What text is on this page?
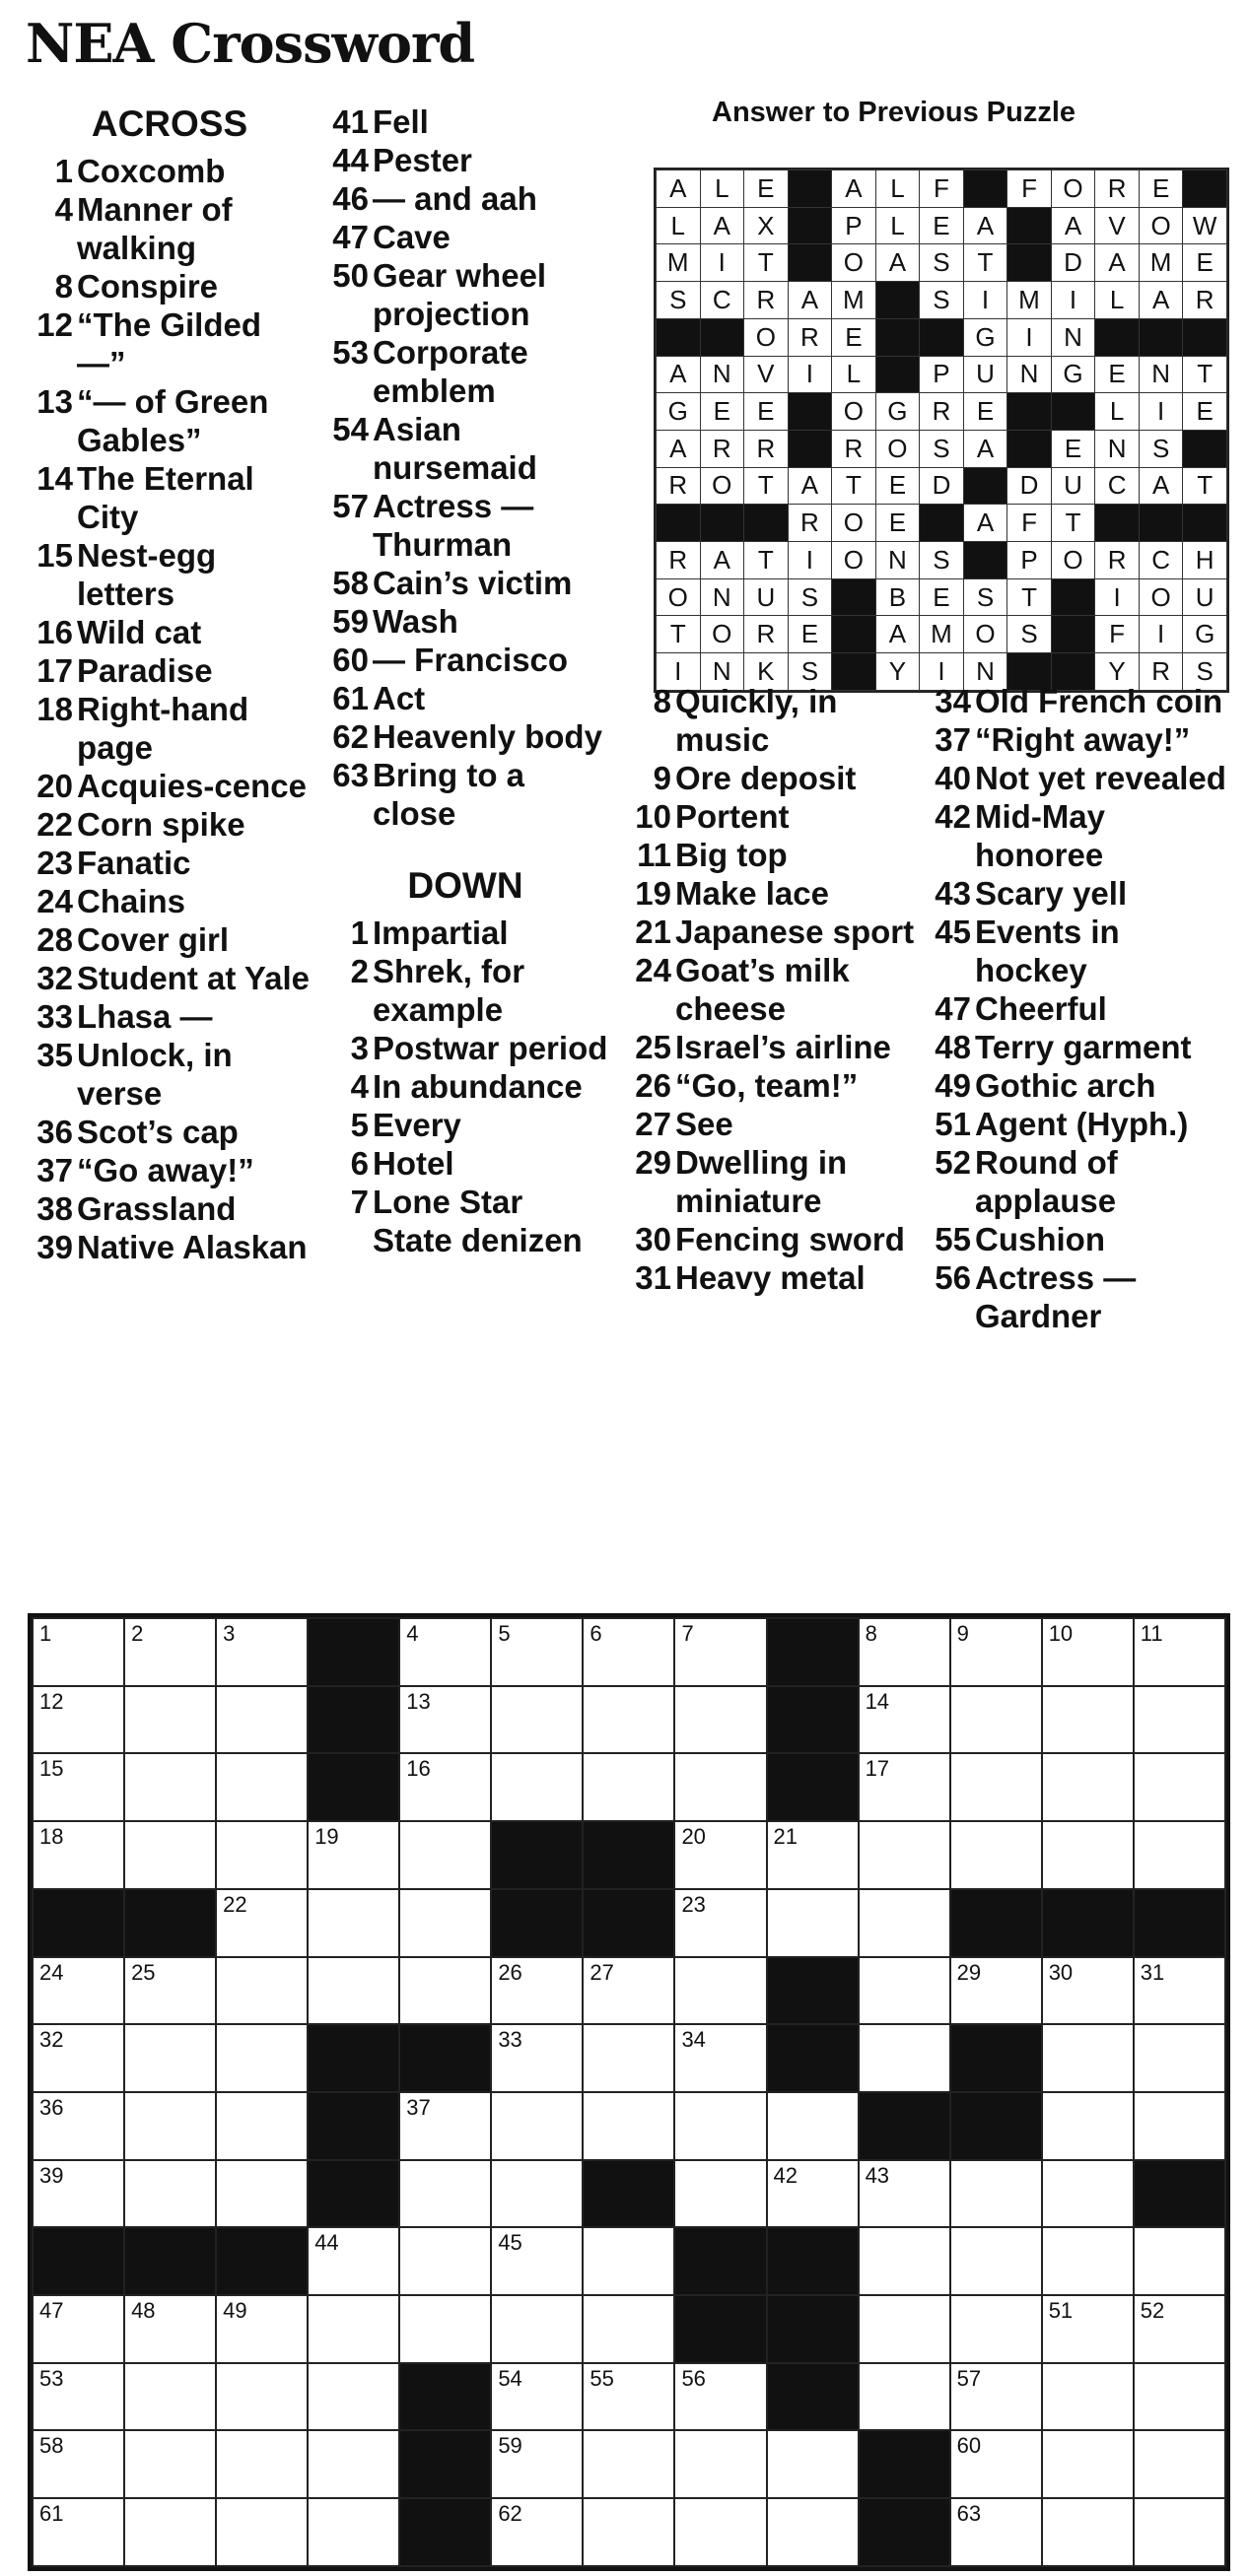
NEA Crossword
ACROSS
1 Coxcomb
4 Manner of walking
8 Conspire
12 “The Gilded —”
13 “— of Green Gables”
14 The Eternal City
15 Nest-egg letters
16 Wild cat
17 Paradise
18 Right-hand page
20 Acquies-cence
22 Corn spike
23 Fanatic
24 Chains
28 Cover girl
32 Student at Yale
33 Lhasa —
35 Unlock, in verse
36 Scot’s cap
37 “Go away!”
38 Grassland
39 Native Alaskan
41 Fell
44 Pester
46 — and aah
47 Cave
50 Gear wheel projection
53 Corporate emblem
54 Asian nursemaid
57 Actress — Thurman
58 Cain’s victim
59 Wash
60 — Francisco
61 Act
62 Heavenly body
63 Bring to a close
DOWN
1 Impartial
2 Shrek, for example
3 Postwar period
4 In abundance
5 Every
6 Hotel
7 Lone Star State denizen
Answer to Previous Puzzle
A	L	E		A	L	F		F	O	R	E	
L	A	X		P	L	E	A		A	V	O	W
M	I	T		O	A	S	T		D	A	M	E
S	C	R	A	M		S	I	M	I	L	A	R
		O	R	E			G	I	N			
A	N	V	I	L		P	U	N	G	E	N	T
G	E	E		O	G	R	E			L	I	E
A	R	R		R	O	S	A		E	N	S	
R	O	T	A	T	E	D		D	U	C	A	T
			R	O	E		A	F	T			
R	A	T	I	O	N	S		P	O	R	C	H
O	N	U	S		B	E	S	T		I	O	U
T	O	R	E		A	M	O	S		F	I	G
I	N	K	S		Y	I	N			Y	R	S
8 Quickly, in music
9 Ore deposit
10 Portent
11 Big top
19 Make lace
21 Japanese sport
24 Goat’s milk cheese
25 Israel’s airline
26 “Go, team!”
27 See
29 Dwelling in miniature
30 Fencing sword
31 Heavy metal
34 Old French coin
37 “Right away!”
40 Not yet revealed
42 Mid-May honoree
43 Scary yell
45 Events in hockey
47 Cheerful
48 Terry garment
49 Gothic arch
51 Agent (Hyph.)
52 Round of applause
55 Cushion
56 Actress — Gardner
1	2	3		4	5	6	7		8	9	10	11

12				13					14			

15				16					17			

18			19				20	21				

		22					23					

24	25				26	27				29	30	31

32					33		34					

36				37								

39								42	43			

			44		45							

47	48	49									51	52

53					54	55	56			57		

58					59					60		

61					62					63		
